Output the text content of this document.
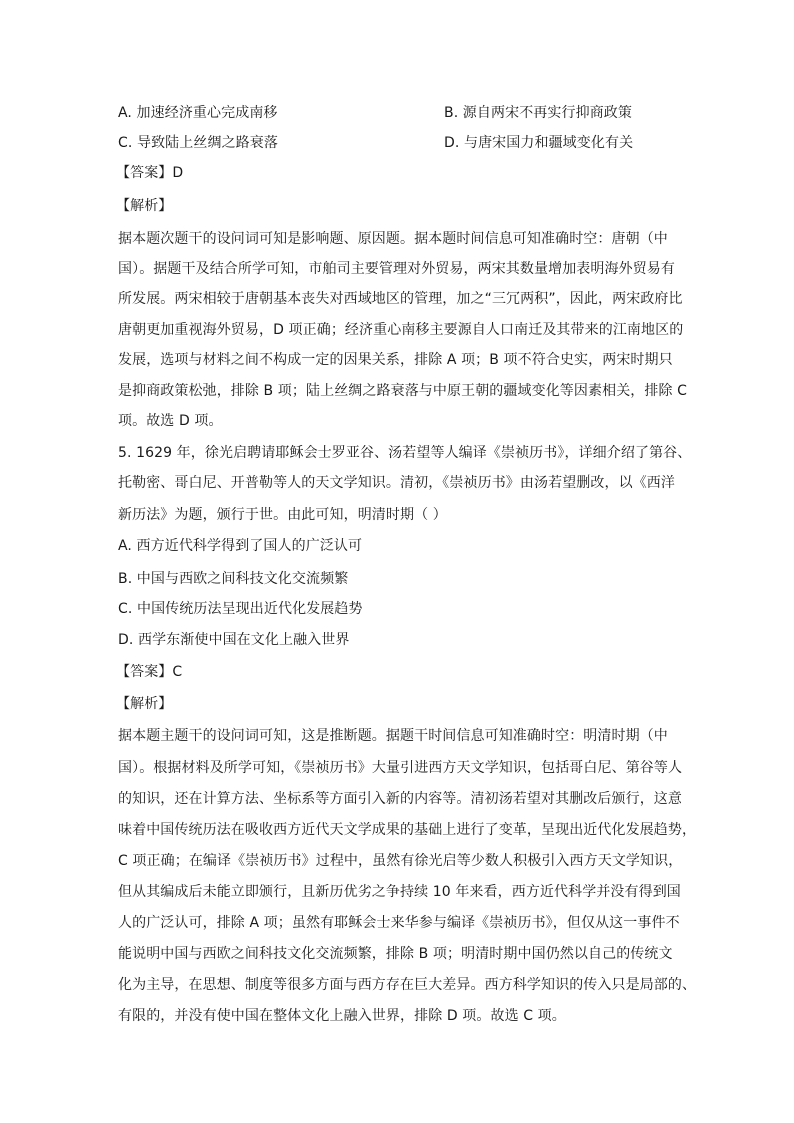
A. 加速经济重心完成南移	B. 源自两宋不再实行抑商政策
C. 导致陆上丝绸之路衰落	D. 与唐宋国力和疆域变化有关
【答案】D
【解析】
据本题次题干的设问词可知是影响题、原因题。据本题时间信息可知准确时空：唐朝（中
国）。据题干及结合所学可知，市舶司主要管理对外贸易，两宋其数量增加表明海外贸易有
所发展。两宋相较于唐朝基本丧失对西域地区的管理，加之“三冗两积”，因此，两宋政府比
唐朝更加重视海外贸易，D 项正确；经济重心南移主要源自人口南迁及其带来的江南地区的
发展，选项与材料之间不构成一定的因果关系，排除 A 项；B 项不符合史实，两宋时期只
是抑商政策松弛，排除 B 项；陆上丝绸之路衰落与中原王朝的疆域变化等因素相关，排除 C
项。故选 D 项。
5. 1629 年，徐光启聘请耶稣会士罗亚谷、汤若望等人编译《崇祯历书》，详细介绍了第谷、
托勒密、哥白尼、开普勒等人的天文学知识。清初，《崇祯历书》由汤若望删改，以《西洋
新历法》为题，颁行于世。由此可知，明清时期（ ）
A. 西方近代科学得到了国人的广泛认可
B. 中国与西欧之间科技文化交流频繁
C. 中国传统历法呈现出近代化发展趋势
D. 西学东渐使中国在文化上融入世界
【答案】C
【解析】
据本题主题干的设问词可知，这是推断题。据题干时间信息可知准确时空：明清时期（中
国）。根据材料及所学可知，《崇祯历书》大量引进西方天文学知识，包括哥白尼、第谷等人
的知识，还在计算方法、坐标系等方面引入新的内容等。清初汤若望对其删改后颁行，这意
味着中国传统历法在吸收西方近代天文学成果的基础上进行了变革，呈现出近代化发展趋势，
C 项正确；在编译《崇祯历书》过程中，虽然有徐光启等少数人积极引入西方天文学知识，
但从其编成后未能立即颁行，且新历优劣之争持续 10 年来看，西方近代科学并没有得到国
人的广泛认可，排除 A 项；虽然有耶稣会士来华参与编译《崇祯历书》，但仅从这一事件不
能说明中国与西欧之间科技文化交流频繁，排除 B 项；明清时期中国仍然以自己的传统文
化为主导，在思想、制度等很多方面与西方存在巨大差异。西方科学知识的传入只是局部的、
有限的，并没有使中国在整体文化上融入世界，排除 D 项。故选 C 项。
